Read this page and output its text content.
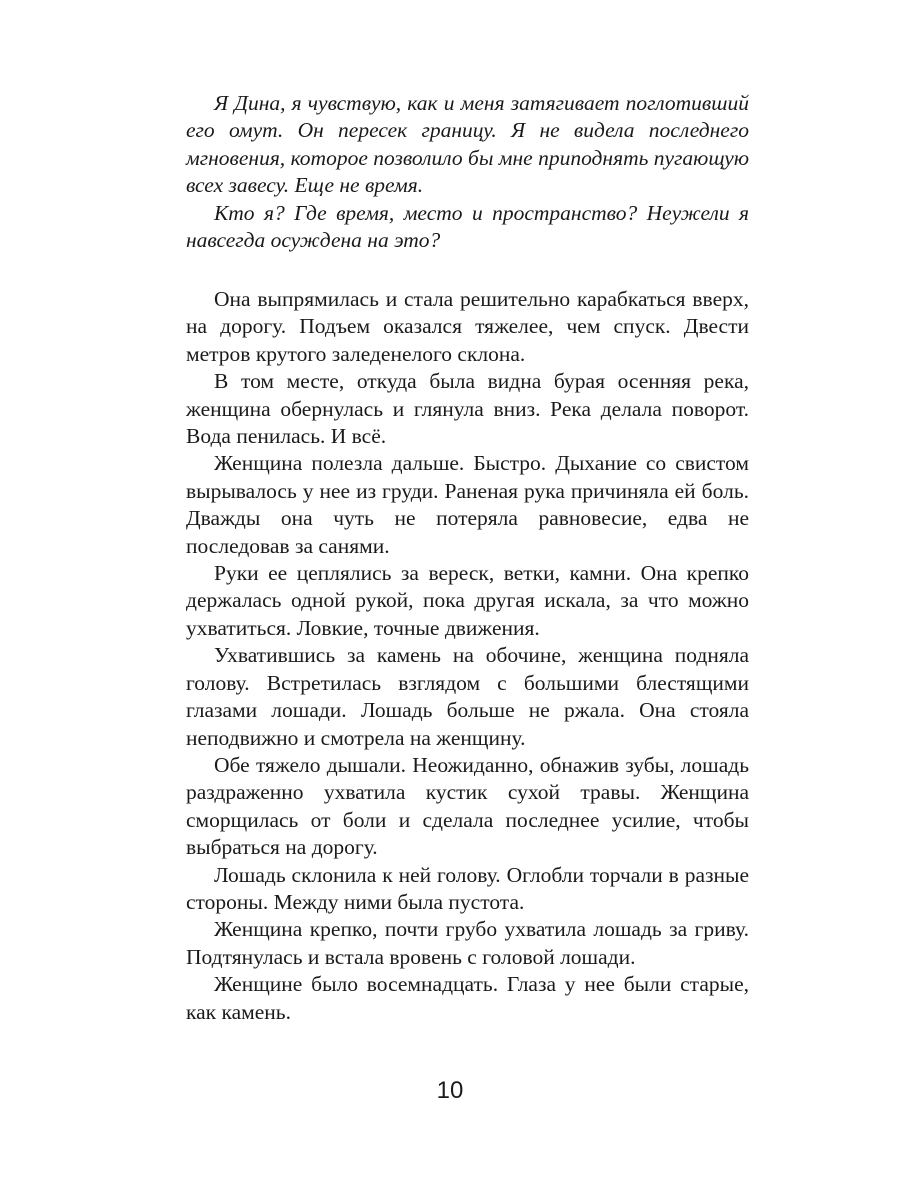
Я Дина, я чувствую, как и меня затягивает поглотивший его омут. Он пересек границу. Я не видела последнего мгновения, которое позволило бы мне приподнять пугающую всех завесу. Еще не время.

Кто я? Где время, место и пространство? Неужели я навсегда осуждена на это?

Она выпрямилась и стала решительно карабкаться вверх, на дорогу. Подъем оказался тяжелее, чем спуск. Двести метров крутого заледенелого склона.

В том месте, откуда была видна бурая осенняя река, женщина обернулась и глянула вниз. Река делала поворот. Вода пенилась. И всё.

Женщина полезла дальше. Быстро. Дыхание со свистом вырывалось у нее из груди. Раненая рука причиняла ей боль. Дважды она чуть не потеряла равновесие, едва не последовав за санями.

Руки ее цеплялись за вереск, ветки, камни. Она крепко держалась одной рукой, пока другая искала, за что можно ухватиться. Ловкие, точные движения.

Ухватившись за камень на обочине, женщина подняла голову. Встретилась взглядом с большими блестящими глазами лошади. Лошадь больше не ржала. Она стояла неподвижно и смотрела на женщину.

Обе тяжело дышали. Неожиданно, обнажив зубы, лошадь раздраженно ухватила кустик сухой травы. Женщина сморщилась от боли и сделала последнее усилие, чтобы выбраться на дорогу.

Лошадь склонила к ней голову. Оглобли торчали в разные стороны. Между ними была пустота.

Женщина крепко, почти грубо ухватила лошадь за гриву. Подтянулась и встала вровень с головой лошади.

Женщине было восемнадцать. Глаза у нее были старые, как камень.

10
